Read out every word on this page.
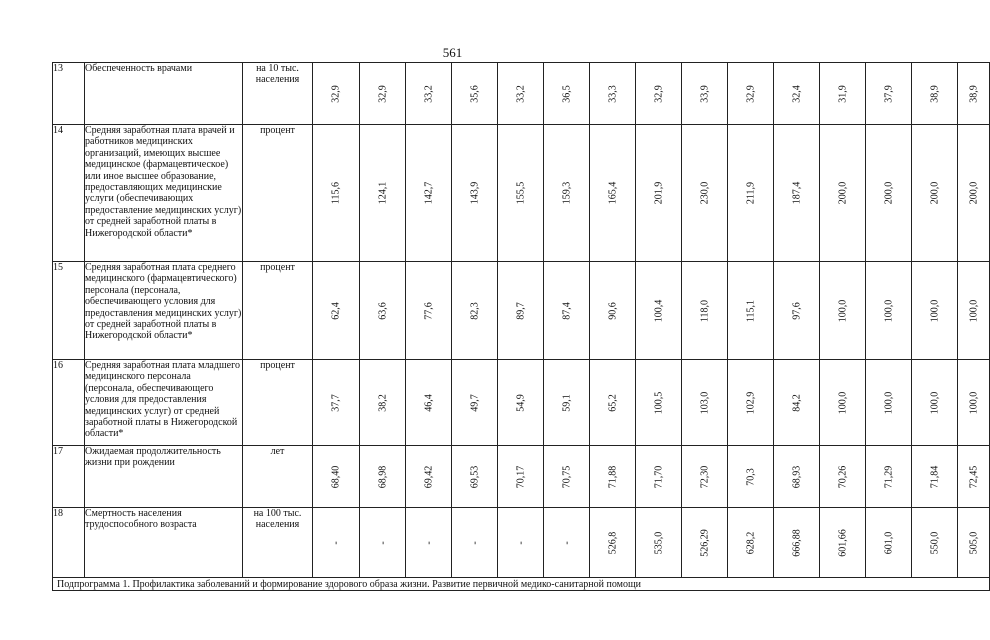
561
13	Обеспеченность врачами	на 10 тыс. населения	32,9	32,9	33,2	35,6	33,2	36,5	33,3	32,9	33,9	32,9	32,4	31,9	37,9	38,9	38,9

14	Средняя заработная плата врачей и работников медицинских организаций, имеющих высшее медицинское (фармацевтическое) или иное высшее образование, предоставляющих медицинские услуги (обеспечивающих предоставление медицинских услуг) от средней заработной платы в Нижегородской области*	процент	115,6	124,1	142,7	143,9	155,5	159,3	165,4	201,9	230,0	211,9	187,4	200,0	200,0	200,0	200,0

15	Средняя заработная плата среднего медицинского (фармацевтического) персонала (персонала, обеспечивающего условия для предоставления медицинских услуг) от средней заработной платы в Нижегородской области*	процент	62,4	63,6	77,6	82,3	89,7	87,4	90,6	100,4	118,0	115,1	97,6	100,0	100,0	100,0	100,0

16	Средняя заработная плата младшего медицинского персонала (персонала, обеспечивающего условия для предоставления медицинских услуг) от средней заработной платы в Нижегородской области*	процент	37,7	38,2	46,4	49,7	54,9	59,1	65,2	100,5	103,0	102,9	84,2	100,0	100,0	100,0	100,0

17	Ожидаемая продолжительность жизни при рождении	лет	68,40	68,98	69,42	69,53	70,17	70,75	71,88	71,70	72,30	70,3	68,93	70,26	71,29	71,84	72,45

18	Смертность населения трудоспособного возраста	на 100 тыс. населения	-	-	-	-	-	-	526,8	535,0	526,29	628,2	666,88	601,66	601,0	550,0	505,0

Подпрограмма 1. Профилактика заболеваний и формирование здорового образа жизни. Развитие первичной медико-санитарной помощи																	
